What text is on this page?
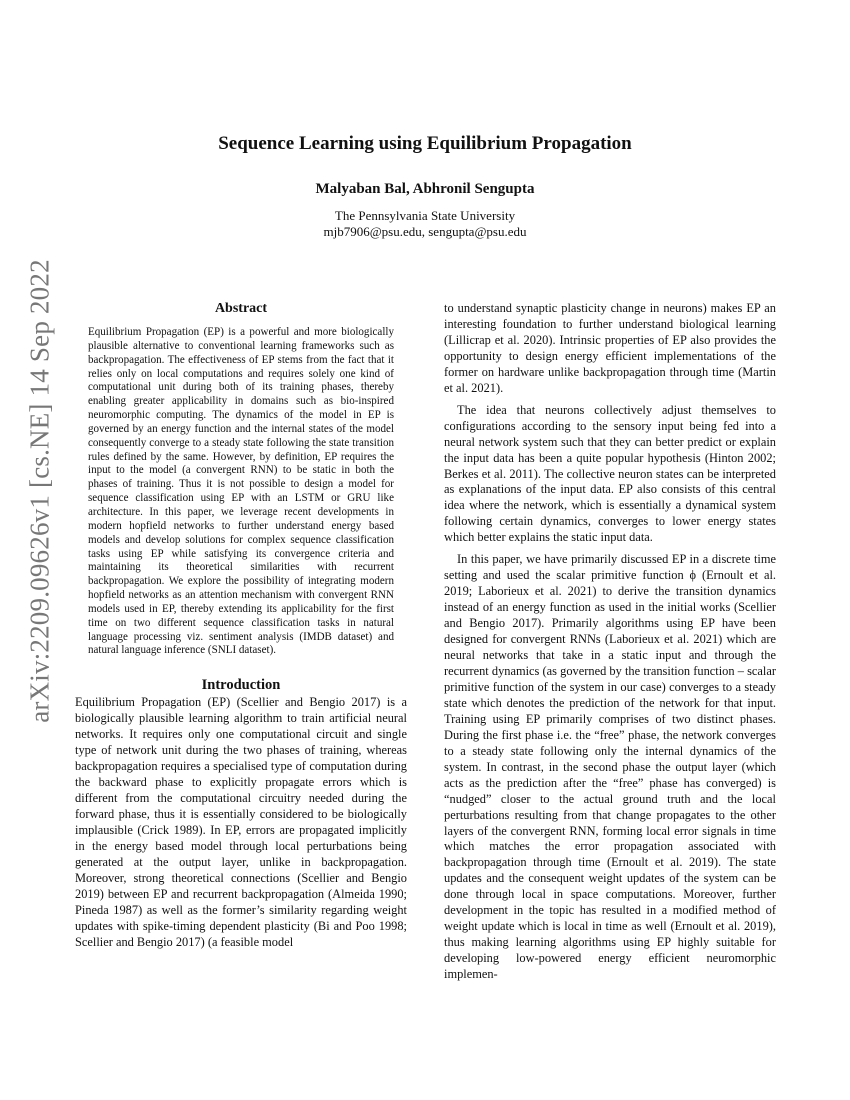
arXiv:2209.09626v1 [cs.NE] 14 Sep 2022
Sequence Learning using Equilibrium Propagation
Malyaban Bal, Abhronil Sengupta
The Pennsylvania State University
mjb7906@psu.edu, sengupta@psu.edu
Abstract

Equilibrium Propagation (EP) is a powerful and more biologically plausible alternative to conventional learning frameworks such as backpropagation. The effectiveness of EP stems from the fact that it relies only on local computations and requires solely one kind of computational unit during both of its training phases, thereby enabling greater applicability in domains such as bio-inspired neuromorphic computing. The dynamics of the model in EP is governed by an energy function and the internal states of the model consequently converge to a steady state following the state transition rules defined by the same. However, by definition, EP requires the input to the model (a convergent RNN) to be static in both the phases of training. Thus it is not possible to design a model for sequence classification using EP with an LSTM or GRU like architecture. In this paper, we leverage recent developments in modern hopfield networks to further understand energy based models and develop solutions for complex sequence classification tasks using EP while satisfying its convergence criteria and maintaining its theoretical similarities with recurrent backpropagation. We explore the possibility of integrating modern hopfield networks as an attention mechanism with convergent RNN models used in EP, thereby extending its applicability for the first time on two different sequence classification tasks in natural language processing viz. sentiment analysis (IMDB dataset) and natural language inference (SNLI dataset).

Introduction

Equilibrium Propagation (EP) (Scellier and Bengio 2017) is a biologically plausible learning algorithm to train artificial neural networks. It requires only one computational circuit and single type of network unit during the two phases of training, whereas backpropagation requires a specialised type of computation during the backward phase to explicitly propagate errors which is different from the computational circuitry needed during the forward phase, thus it is essentially considered to be biologically implausible (Crick 1989). In EP, errors are propagated implicitly in the energy based model through local perturbations being generated at the output layer, unlike in backpropagation. Moreover, strong theoretical connections (Scellier and Bengio 2019) between EP and recurrent backpropagation (Almeida 1990; Pineda 1987) as well as the former’s similarity regarding weight updates with spike-timing dependent plasticity (Bi and Poo 1998; Scellier and Bengio 2017) (a feasible model

to understand synaptic plasticity change in neurons) makes EP an interesting foundation to further understand biological learning (Lillicrap et al. 2020). Intrinsic properties of EP also provides the opportunity to design energy efficient implementations of the former on hardware unlike backpropagation through time (Martin et al. 2021).

The idea that neurons collectively adjust themselves to configurations according to the sensory input being fed into a neural network system such that they can better predict or explain the input data has been a quite popular hypothesis (Hinton 2002; Berkes et al. 2011). The collective neuron states can be interpreted as explanations of the input data. EP also consists of this central idea where the network, which is essentially a dynamical system following certain dynamics, converges to lower energy states which better explains the static input data.

In this paper, we have primarily discussed EP in a discrete time setting and used the scalar primitive function ϕ (Ernoult et al. 2019; Laborieux et al. 2021) to derive the transition dynamics instead of an energy function as used in the initial works (Scellier and Bengio 2017). Primarily algorithms using EP have been designed for convergent RNNs (Laborieux et al. 2021) which are neural networks that take in a static input and through the recurrent dynamics (as governed by the transition function – scalar primitive function of the system in our case) converges to a steady state which denotes the prediction of the network for that input. Training using EP primarily comprises of two distinct phases. During the first phase i.e. the “free” phase, the network converges to a steady state following only the internal dynamics of the system. In contrast, in the second phase the output layer (which acts as the prediction after the “free” phase has converged) is “nudged” closer to the actual ground truth and the local perturbations resulting from that change propagates to the other layers of the convergent RNN, forming local error signals in time which matches the error propagation associated with backpropagation through time (Ernoult et al. 2019). The state updates and the consequent weight updates of the system can be done through local in space computations. Moreover, further development in the topic has resulted in a modified method of weight update which is local in time as well (Ernoult et al. 2019), thus making learning algorithms using EP highly suitable for developing low-powered energy efficient neuromorphic implemen-
